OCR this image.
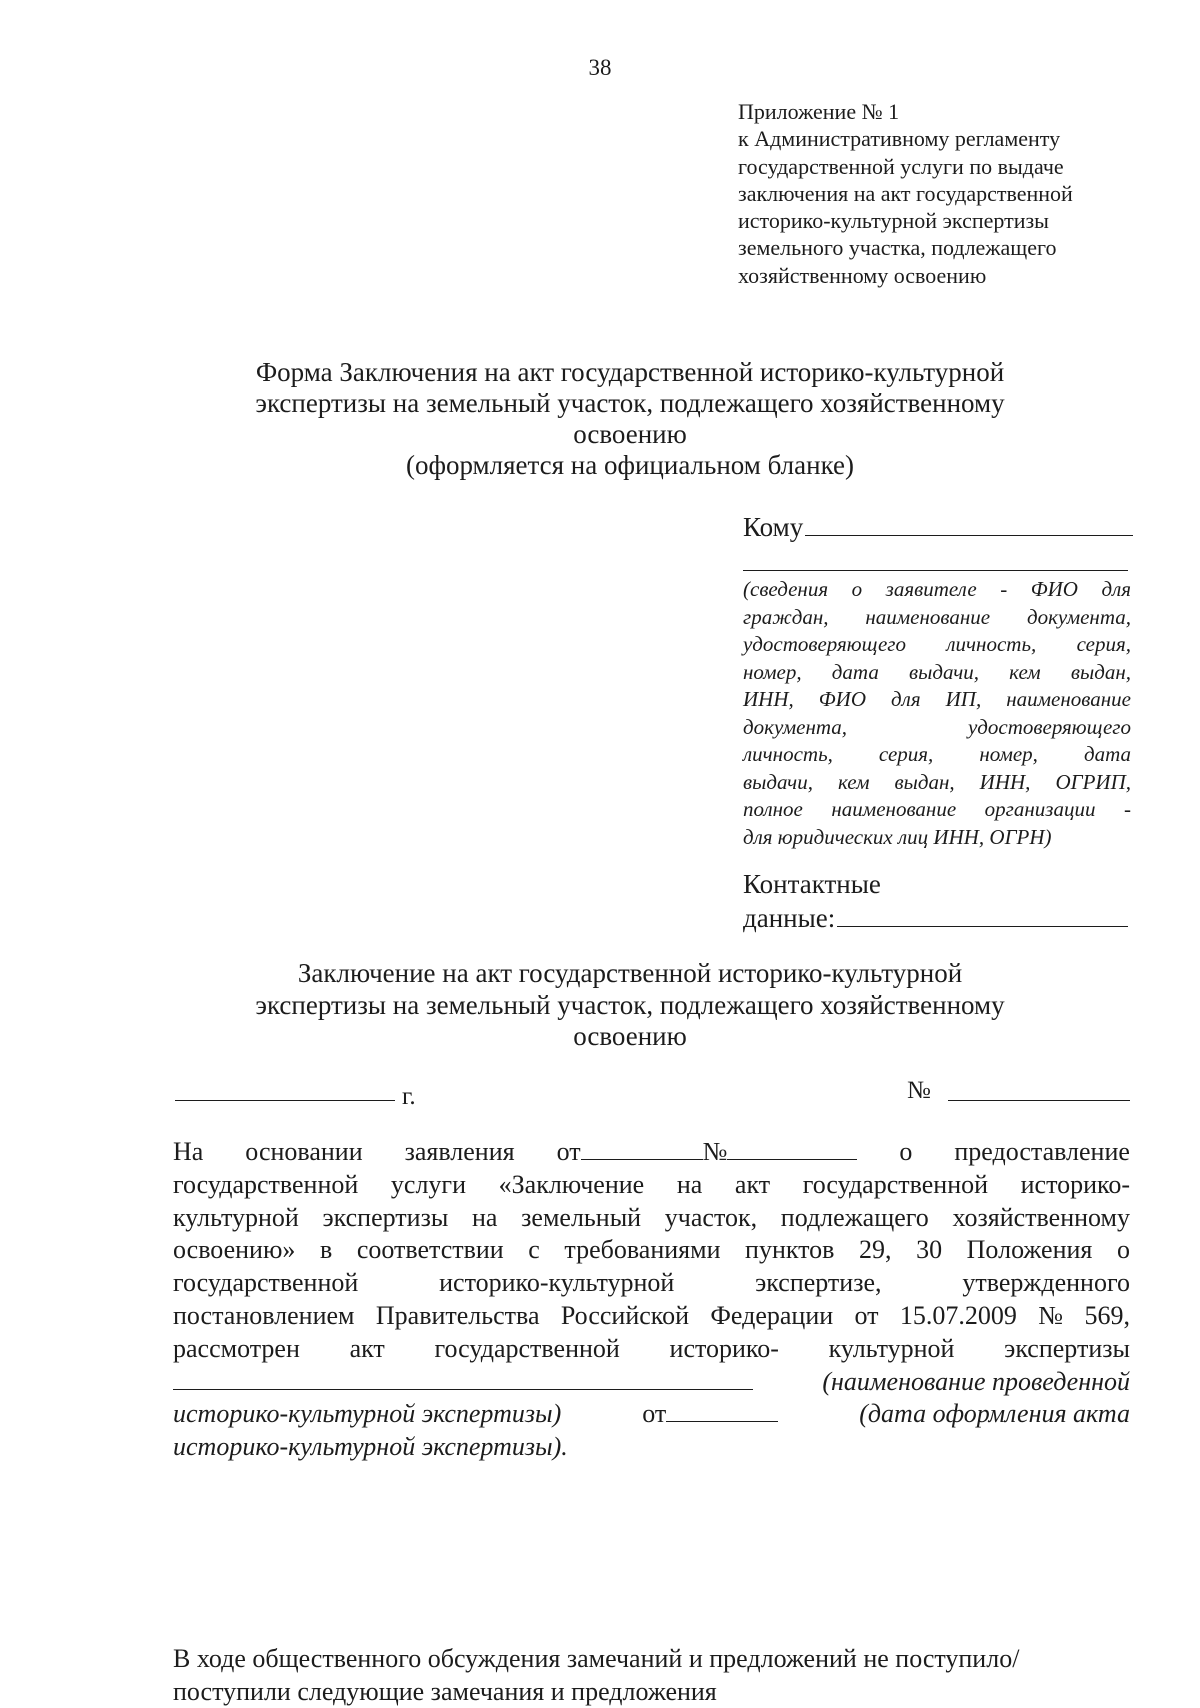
38
Приложение № 1
к Административному регламенту
государственной услуги по выдаче
заключения на акт государственной
историко-культурной экспертизы
земельного участка, подлежащего
хозяйственному освоению
Форма Заключения на акт государственной историко-культурной
экспертизы на земельный участок, подлежащего хозяйственному
освоению
(оформляется на официальном бланке)
Кому
(сведения о заявителе - ФИО для
граждан, наименование документа,
удостоверяющего личность, серия,
номер, дата выдачи, кем выдан,
ИНН, ФИО для ИП, наименование
документа, удостоверяющего
личность, серия, номер, дата
выдачи, кем выдан, ИНН, ОГРИП,
полное наименование организации -
для юридических лиц ИНН, ОГРН)
Контактные
данные:
Заключение на акт государственной историко-культурной
экспертизы на земельный участок, подлежащего хозяйственному
освоению
г.	№
На основании заявления от	№	о предоставление
государственной услуги «Заключение на акт государственной историко-
культурной экспертизы на земельный участок, подлежащего хозяйственному
освоению» в соответствии с требованиями пунктов 29, 30 Положения о
государственной	историко-культурной	экспертизе,	утвержденного
постановлением Правительства Российской Федерации от 15.07.2009 № 569,
рассмотрен акт государственной историко- культурной экспертизы
(наименование проведенной
историко-культурной экспертизы)	от	(дата оформления акта
историко-культурной экспертизы).
В ходе общественного обсуждения замечаний и предложений не поступило/
поступили следующие замечания и предложения
